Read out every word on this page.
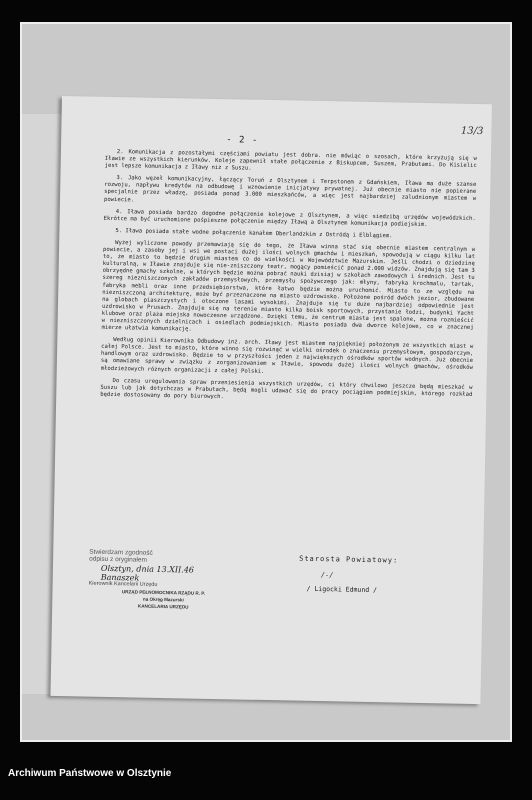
- 2 -
13/3

2. Komunikacja z pozostałymi częściami powiatu jest dobra. nie mówiąc o szosach, które krzyżują się w Iławie ze wszystkich kierunków. Koleje zapewnił stałe połączenie z Biskupcem, Suszem, Prabutami. Do Kisielic jest lepsze komunikacja z Iławy niż z Suszu.

3. Jako węzeł komunikacyjny, łączący Toruń z Olsztynem i Terpstonem z Gdańskiem, Iława ma duże szanse rozwoju, napływu kredytów na odbudowę i wznowienie inicjatywy prywatnej. Już obecnie miasto nie popierane specjalnie przez władzę, posiada ponad 3.000 mieszkańców, a więc jest najbardziej zaludnionym miastem w powiecie.

4. Iława posiada bardzo dogodne połączenie kolejowe z Olsztynem, a więc siedzibą urzędów wojewódzkich. Ekrótce ma być uruchomione pośpieszne połączenie między Iławą a Olsztynem komunikacja podiejskim.

5. Iława posiada stałe wodne połączenie kanałem Oberlandzkim z Ostródą i Elblągiem.

Wyżej wyliczone powody przemawiają się do tego, że Iława winna stać się obecnie miastem centralnym w powiecie, a zasoby jej i wsi we postaci dużej ilości wolnych gmachów i mieszkań, spowodują w ciągu kilku lat to, że miasto to będzie drugim miastem co do wielkości w Województwie Mazurskim. Jeśli chodzi o dziedzinę kulturalną, w Iławie znajduje się nie-zniszczony teatr, mogący pomieścić ponad 2.000 widzów. Znajdują się tam 3 obrzyędne gmachy szkolne, w których będzie można pobrać nauki dzisiaj w szkołach zawodowych i średnich. Jest tu szereg niezniszczonych zakładów przemysłowych, przemysłu spożywczego jak: młyny, fabryka krochmalu, tartak, fabryka mebli oraz inne przedsiębiorstwa, które łatwo będzie można uruchomić. Miasto to ze względu na niezniszczoną architekturę, może być przeznaczone na miasto uzdrowisko. Położone pośród dwóch jezior, zbudowane na globach piaszczystych i otoczone lasami wysokimi. Znajduje się tu duże najbardziej odpowiednie jest uzdrowisko w Prusach. Znajduje się na terenie miasto kilka boisk sportowych, przystanie łodzi, budynki Yacht klubowe oraz plaża miejska nowoczesne urządzone. Dzięki temu, że centrum miasta jest spalone, można rozmieścić w niezniszczonych dzielnicach i osiedlach podmiejskich. Miasto posiada dwa dworce kolejowe, co w znacznej mierze ułatwia komunikację.

Według opinii Kierownika Odbudowy inż. arch. Iławy jest miastem najpiękniej położonym ze wszystkich miast w całej Polsce. Jest to miasto, które winno się rozwinąć w wielki ośrodek o znaczeniu przemysłowym, gospodarczym, handlowym oraz uzdrowisko. Będzie to w przyszłości jeden z największych ośrodków sportów wodnych. Już obecnie są omawiane sprawy w związku z zorganizowaniem w Iławie, spowodu dużej ilości wolnych gmachów, ośrodków młodzieżowych różnych organizacji z całej Polski.

Do czasu uregulowania spraw przeniesienia wszystkich urzędów, ci który chwilowo jeszcze będą mieszkać w Suszu lub jak dotychczas w Prabutach, będą mogli udawać się do pracy pociągiem podmiejskim, którego rozkład będzie dostosowany do pory biurowych.

Stwierdzam zgodność
odpisu z oryginałem
Olsztyn, dnia 13.XII.46
Banaszek
Kierownik Kancelarii Urzędu
URZĄD PEŁNOMOCNIKA RZĄDU R. P.
na Okręg Mazurski
KANCELARIA URZĘDU
Starosta Powiatowy:
/-/
/ Ligocki Edmund /
Archiwum Państwowe w Olsztynie
